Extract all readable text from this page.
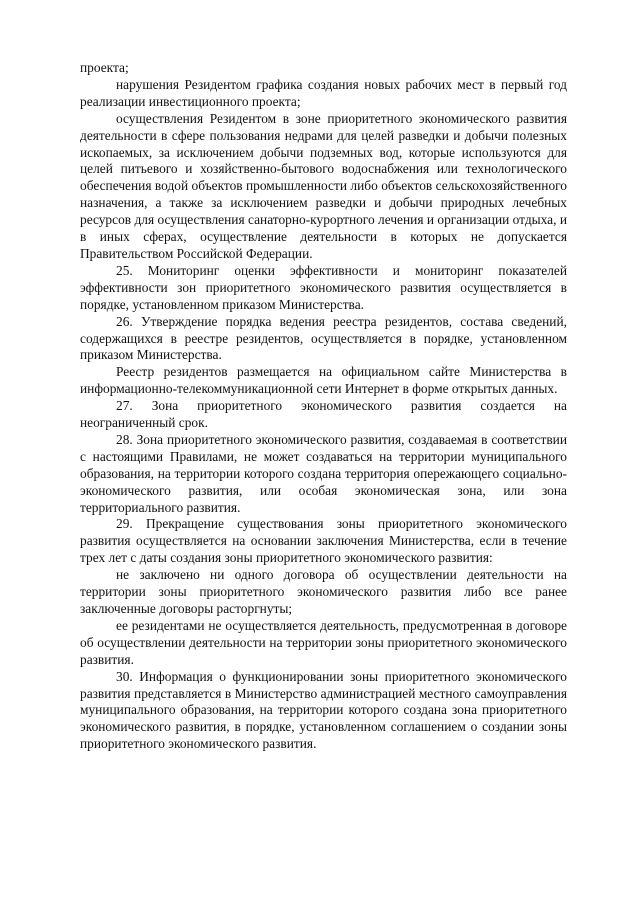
проекта;

нарушения Резидентом графика создания новых рабочих мест в первый год реализации инвестиционного проекта;

осуществления Резидентом в зоне приоритетного экономического развития деятельности в сфере пользования недрами для целей разведки и добычи полезных ископаемых, за исключением добычи подземных вод, которые используются для целей питьевого и хозяйственно-бытового водоснабжения или технологического обеспечения водой объектов промышленности либо объектов сельскохозяйственного назначения, а также за исключением разведки и добычи природных лечебных ресурсов для осуществления санаторно-курортного лечения и организации отдыха, и в иных сферах, осуществление деятельности в которых не допускается Правительством Российской Федерации.

25. Мониторинг оценки эффективности и мониторинг показателей эффективности зон приоритетного экономического развития осуществляется в порядке, установленном приказом Министерства.

26. Утверждение порядка ведения реестра резидентов, состава сведений, содержащихся в реестре резидентов, осуществляется в порядке, установленном приказом Министерства.

Реестр резидентов размещается на официальном сайте Министерства в информационно-телекоммуникационной сети Интернет в форме открытых данных.

27. Зона приоритетного экономического развития создается на неограниченный срок.

28. Зона приоритетного экономического развития, создаваемая в соответствии с настоящими Правилами, не может создаваться на территории муниципального образования, на территории которого создана территория опережающего социально-экономического развития, или особая экономическая зона, или зона территориального развития.

29. Прекращение существования зоны приоритетного экономического развития осуществляется на основании заключения Министерства, если в течение трех лет с даты создания зоны приоритетного экономического развития:

не заключено ни одного договора об осуществлении деятельности на территории зоны приоритетного экономического развития либо все ранее заключенные договоры расторгнуты;

ее резидентами не осуществляется деятельность, предусмотренная в договоре об осуществлении деятельности на территории зоны приоритетного экономического развития.

30. Информация о функционировании зоны приоритетного экономического развития представляется в Министерство администрацией местного самоуправления муниципального образования, на территории которого создана зона приоритетного экономического развития, в порядке, установленном соглашением о создании зоны приоритетного экономического развития.
